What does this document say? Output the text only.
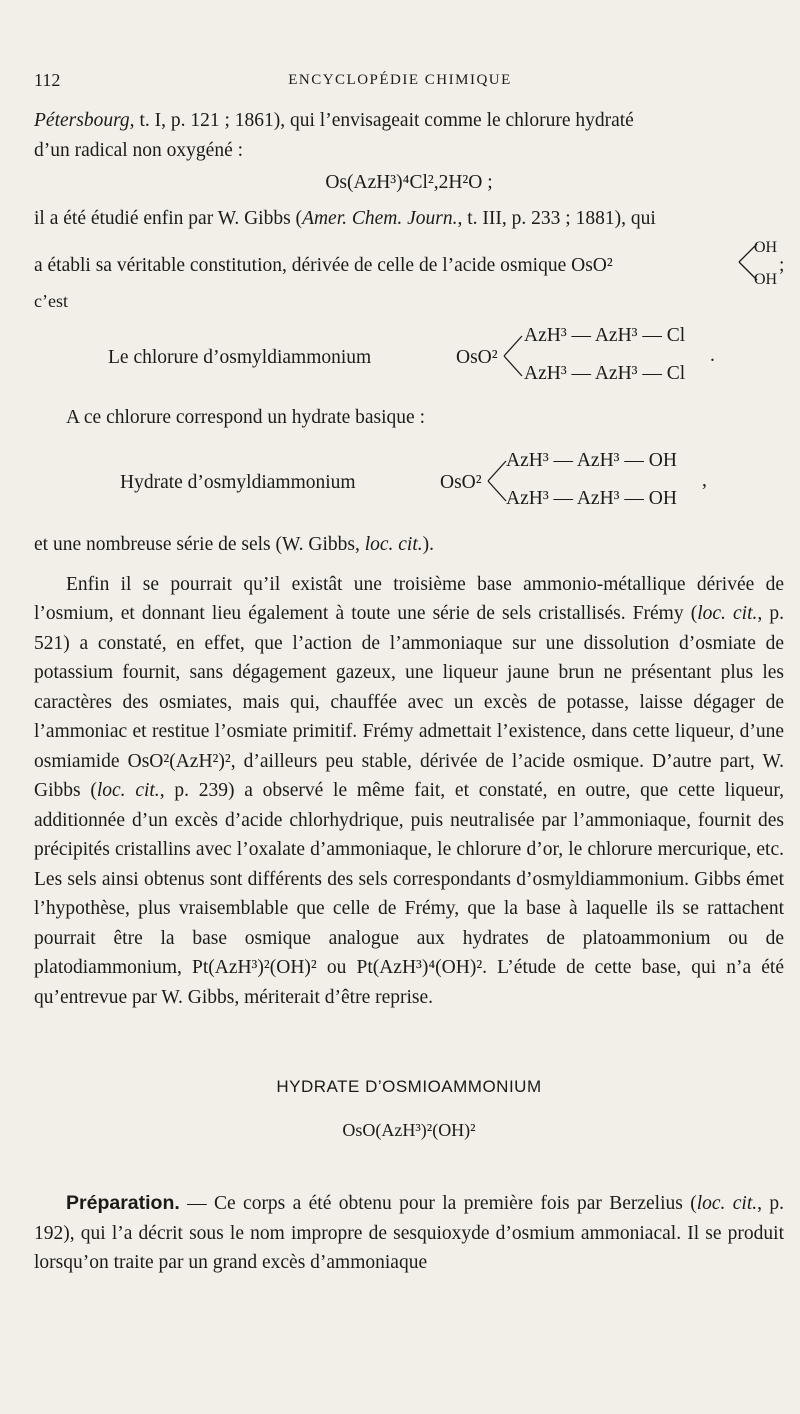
112	ENCYCLOPÉDIE CHIMIQUE

Pétersbourg, t. I, p. 121 ; 1861), qui l’envisageait comme le chlorure hydraté
d’un radical non oxygéné :

Os(AzH³)⁴Cl²,2H²O ;

il a été étudié enfin par W. Gibbs (Amer. Chem. Journ., t. III, p. 233 ; 1881), qui

a établi sa véritable constitution, dérivée de celle de l’acide osmique OsO²
OH
OH
;

c’est

Le chlorure d’osmyldiammonium	OsO²
AzH³ — AzH³ — Cl
AzH³ — AzH³ — Cl
.

A ce chlorure correspond un hydrate basique :

Hydrate d’osmyldiammonium	OsO²
AzH³ — AzH³ — OH
AzH³ — AzH³ — OH
,

et une nombreuse série de sels (W. Gibbs, loc. cit.).

Enfin il se pourrait qu’il existât une troisième base ammonio-métallique dérivée de l’osmium, et donnant lieu également à toute une série de sels cristallisés. Frémy (loc. cit., p. 521) a constaté, en effet, que l’action de l’ammoniaque sur une dissolution d’osmiate de potassium fournit, sans dégagement gazeux, une liqueur jaune brun ne présentant plus les caractères des osmiates, mais qui, chauffée avec un excès de potasse, laisse dégager de l’ammoniac et restitue l’osmiate primitif. Frémy admettait l’existence, dans cette liqueur, d’une osmiamide OsO²(AzH²)², d’ailleurs peu stable, dérivée de l’acide osmique. D’autre part, W. Gibbs (loc. cit., p. 239) a observé le même fait, et constaté, en outre, que cette liqueur, additionnée d’un excès d’acide chlorhydrique, puis neutralisée par l’ammoniaque, fournit des précipités cristallins avec l’oxalate d’ammoniaque, le chlorure d’or, le chlorure mercurique, etc. Les sels ainsi obtenus sont différents des sels correspondants d’osmyldiammonium. Gibbs émet l’hypothèse, plus vraisemblable que celle de Frémy, que la base à laquelle ils se rattachent pourrait être la base osmique analogue aux hydrates de platoammonium ou de platodiammonium, Pt(AzH³)²(OH)² ou Pt(AzH³)⁴(OH)². L’étude de cette base, qui n’a été qu’entrevue par W. Gibbs, mériterait d’être reprise.

HYDRATE D’OSMIOAMMONIUM

OsO(AzH³)²(OH)²

Préparation. — Ce corps a été obtenu pour la première fois par Berzelius (loc. cit., p. 192), qui l’a décrit sous le nom impropre de sesquioxyde d’osmium ammoniacal. Il se produit lorsqu’on traite par un grand excès d’ammoniaque
